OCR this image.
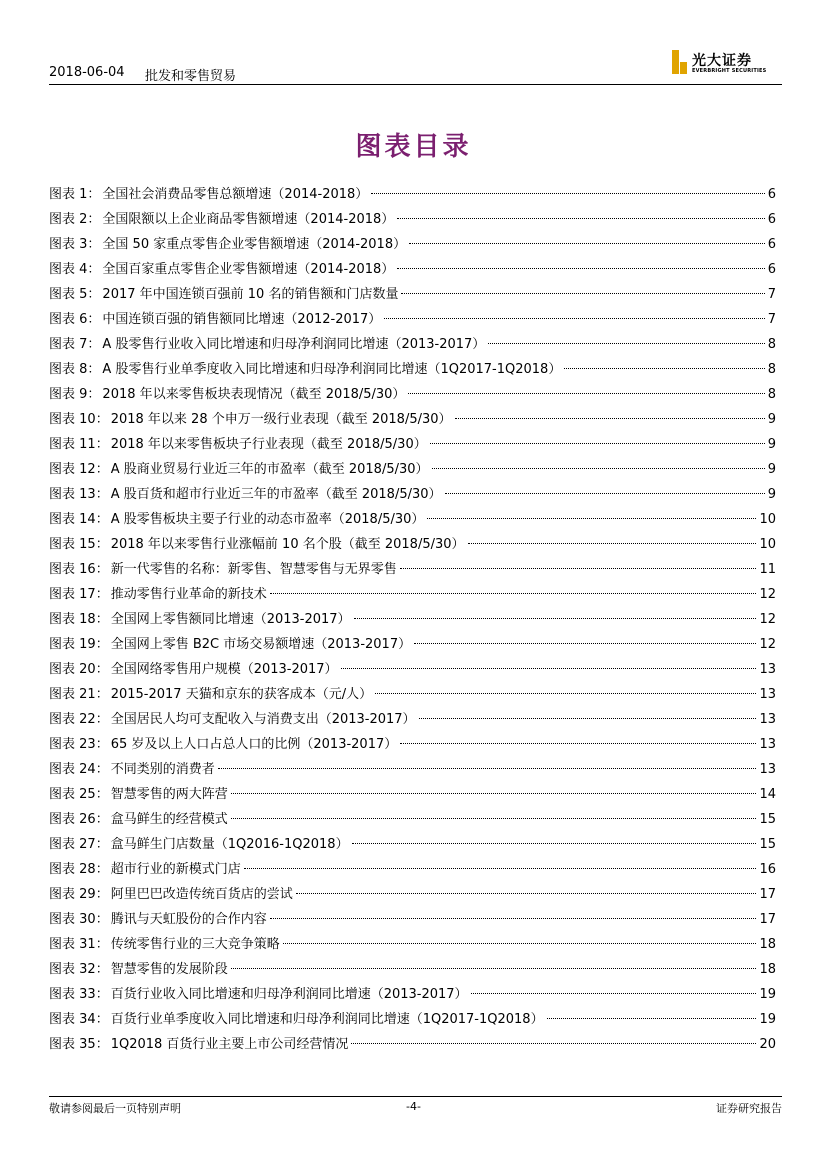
2018-06-04 批发和零售贸易
光大证券
EVERBRIGHT SECURITIES
图表目录
图表 1 ： 全国社会消费品零售总额增速（2014-2018）	6
图表 2 ： 全国限额以上企业商品零售额增速（2014-2018）	6
图表 3 ： 全国 50 家重点零售企业零售额增速（2014-2018）	6
图表 4 ： 全国百家重点零售企业零售额增速（2014-2018）	6
图表 5 ： 2017 年中国连锁百强前 10 名的销售额和门店数量	7
图表 6 ： 中国连锁百强的销售额同比增速（2012-2017）	7
图表 7 ： A 股零售行业收入同比增速和归母净利润同比增速（2013-2017）	8
图表 8 ： A 股零售行业单季度收入同比增速和归母净利润同比增速（1Q2017-1Q2018）	8
图表 9 ： 2018 年以来零售板块表现情况（截至 2018/5/30）	8
图表 10 ： 2018 年以来 28 个申万一级行业表现（截至 2018/5/30）	9
图表 11 ： 2018 年以来零售板块子行业表现（截至 2018/5/30）	9
图表 12 ： A 股商业贸易行业近三年的市盈率（截至 2018/5/30）	9
图表 13 ： A 股百货和超市行业近三年的市盈率（截至 2018/5/30）	9
图表 14 ： A 股零售板块主要子行业的动态市盈率（2018/5/30）	10
图表 15 ： 2018 年以来零售行业涨幅前 10 名个股（截至 2018/5/30）	10
图表 16 ： 新一代零售的名称：新零售、智慧零售与无界零售	11
图表 17 ： 推动零售行业革命的新技术	12
图表 18 ： 全国网上零售额同比增速（2013-2017）	12
图表 19 ： 全国网上零售 B2C 市场交易额增速（2013-2017）	12
图表 20 ： 全国网络零售用户规模（2013-2017）	13
图表 21 ： 2015-2017 天猫和京东的获客成本（元/人）	13
图表 22 ： 全国居民人均可支配收入与消费支出（2013-2017）	13
图表 23 ： 65 岁及以上人口占总人口的比例（2013-2017）	13
图表 24 ： 不同类别的消费者	13
图表 25 ： 智慧零售的两大阵营	14
图表 26 ： 盒马鲜生的经营模式	15
图表 27 ： 盒马鲜生门店数量（1Q2016-1Q2018）	15
图表 28 ： 超市行业的新模式门店	16
图表 29 ： 阿里巴巴改造传统百货店的尝试	17
图表 30 ： 腾讯与天虹股份的合作内容	17
图表 31 ： 传统零售行业的三大竞争策略	18
图表 32 ： 智慧零售的发展阶段	18
图表 33 ： 百货行业收入同比增速和归母净利润同比增速（2013-2017）	19
图表 34 ： 百货行业单季度收入同比增速和归母净利润同比增速（1Q2017-1Q2018）	19
图表 35 ： 1Q2018 百货行业主要上市公司经营情况	20
敬请参阅最后一页特别声明	-4-	证券研究报告
